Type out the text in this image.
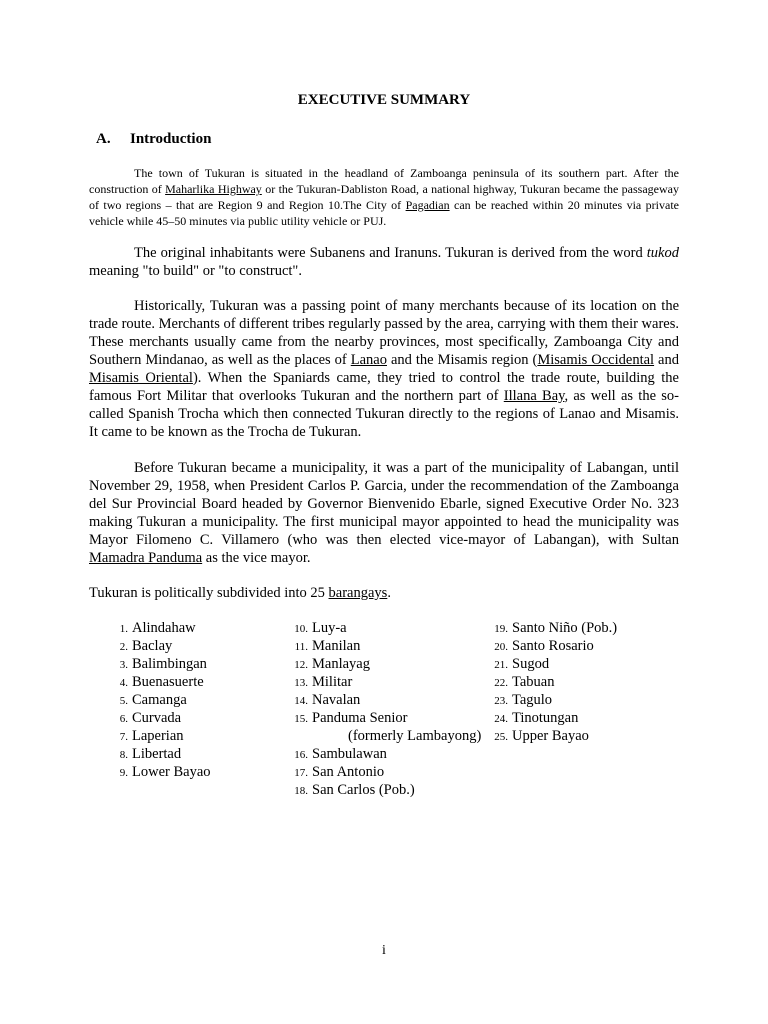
EXECUTIVE SUMMARY
A. Introduction

The town of Tukuran is situated in the headland of Zamboanga peninsula of its southern part. After the construction of Maharlika Highway or the Tukuran-Dabliston Road, a national highway, Tukuran became the passageway of two regions – that are Region 9 and Region 10.The City of Pagadian can be reached within 20 minutes via private vehicle while 45–50 minutes via public utility vehicle or PUJ.

The original inhabitants were Subanens and Iranuns. Tukuran is derived from the word tukod meaning "to build" or "to construct".

Historically, Tukuran was a passing point of many merchants because of its location on the trade route. Merchants of different tribes regularly passed by the area, carrying with them their wares. These merchants usually came from the nearby provinces, most specifically, Zamboanga City and Southern Mindanao, as well as the places of Lanao and the Misamis region (Misamis Occidental and Misamis Oriental). When the Spaniards came, they tried to control the trade route, building the famous Fort Militar that overlooks Tukuran and the northern part of Illana Bay, as well as the so-called Spanish Trocha which then connected Tukuran directly to the regions of Lanao and Misamis. It came to be known as the Trocha de Tukuran.

Before Tukuran became a municipality, it was a part of the municipality of Labangan, until November 29, 1958, when President Carlos P. Garcia, under the recommendation of the Zamboanga del Sur Provincial Board headed by Governor Bienvenido Ebarle, signed Executive Order No. 323 making Tukuran a municipality. The first municipal mayor appointed to head the municipality was Mayor Filomeno C. Villamero (who was then elected vice-mayor of Labangan), with Sultan Mamadra Panduma as the vice mayor.

Tukuran is politically subdivided into 25 barangays.
1. Alindahaw
2. Baclay
3. Balimbingan
4. Buenasuerte
5. Camanga
6. Curvada
7. Laperian
8. Libertad
9. Lower Bayao
10. Luy-a
11. Manilan
12. Manlayag
13. Militar
14. Navalan
15. Panduma Senior
(formerly Lambayong)
16. Sambulawan
17. San Antonio
18. San Carlos (Pob.)
19. Santo Niño (Pob.)
20. Santo Rosario
21. Sugod
22. Tabuan
23. Tagulo
24. Tinotungan
25. Upper Bayao
i
